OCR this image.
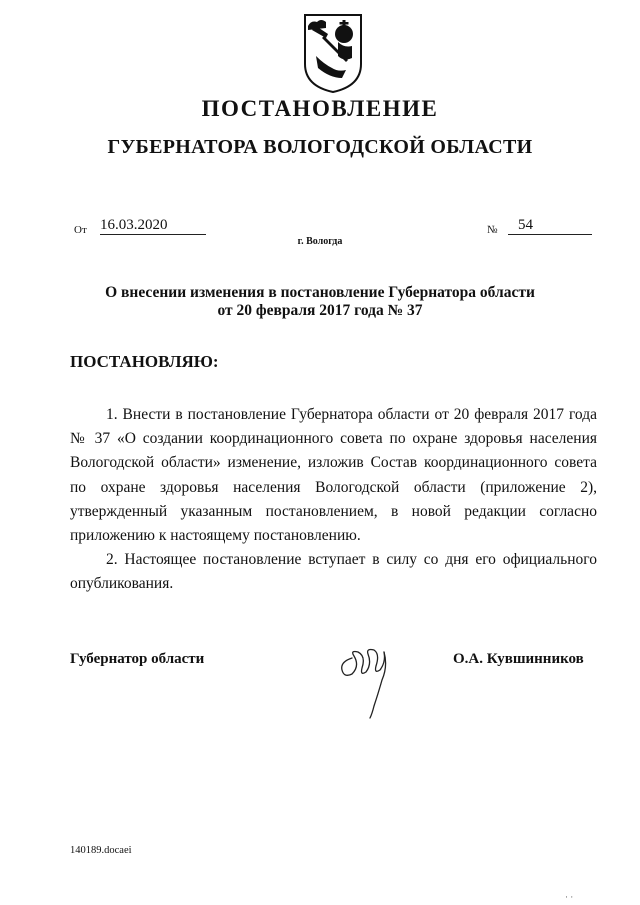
ПОСТАНОВЛЕНИЕ
ГУБЕРНАТОРА ВОЛОГОДСКОЙ ОБЛАСТИ
От 16.03.2020	№	54
г. Вологда
О внесении изменения в постановление Губернатора области
от 20 февраля 2017 года № 37
ПОСТАНОВЛЯЮ:

1. Внести в постановление Губернатора области от 20 февраля 2017 года № 37 «О создании координационного совета по охране здоровья населения Вологодской области» изменение, изложив Состав координационного совета по охране здоровья населения Вологодской области (приложение 2), утвержденный указанным постановлением, в новой редакции согласно приложению к настоящему постановлению.

2. Настоящее постановление вступает в силу со дня его официального опубликования.

Губернатор области	О.А. Кувшинников
140189.docaei
· ·
